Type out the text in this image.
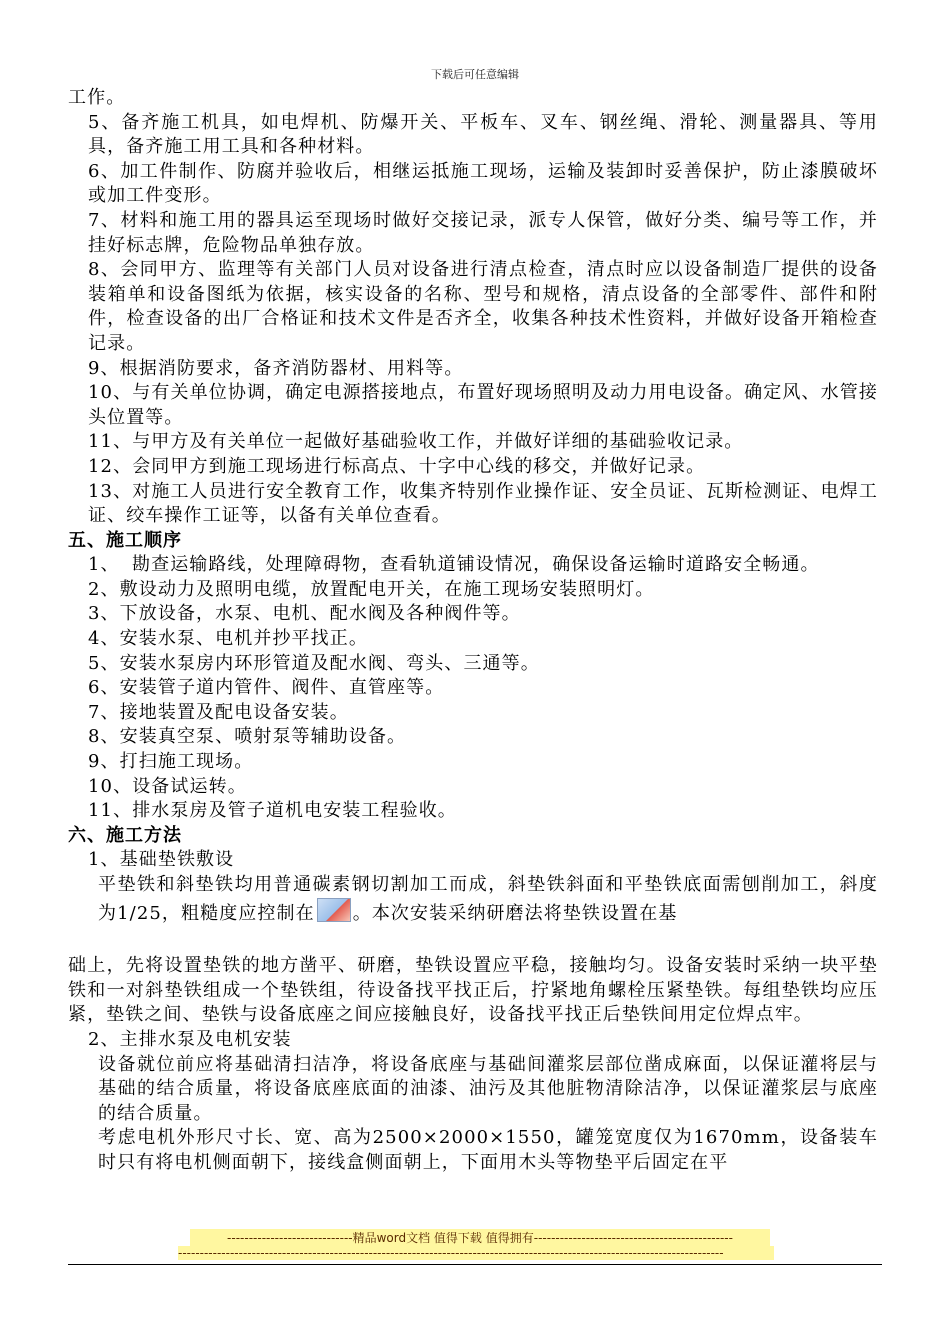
下载后可任意编辑

工作。

5、备齐施工机具，如电焊机、防爆开关、平板车、叉车、钢丝绳、滑轮、测量器具、等用具，备齐施工用工具和各种材料。

6、加工件制作、防腐并验收后，相继运抵施工现场，运输及装卸时妥善保护，防止漆膜破坏或加工件变形。

7、材料和施工用的器具运至现场时做好交接记录，派专人保管，做好分类、编号等工作，并挂好标志牌，危险物品单独存放。

8、会同甲方、监理等有关部门人员对设备进行清点检查，清点时应以设备制造厂提供的设备装箱单和设备图纸为依据，核实设备的名称、型号和规格，清点设备的全部零件、部件和附件，检查设备的出厂合格证和技术文件是否齐全，收集各种技术性资料，并做好设备开箱检查记录。

9、根据消防要求，备齐消防器材、用料等。

10、与有关单位协调，确定电源搭接地点，布置好现场照明及动力用电设备。确定风、水管接头位置等。

11、与甲方及有关单位一起做好基础验收工作，并做好详细的基础验收记录。

12、会同甲方到施工现场进行标高点、十字中心线的移交，并做好记录。

13、对施工人员进行安全教育工作，收集齐特别作业操作证、安全员证、瓦斯检测证、电焊工证、绞车操作工证等，以备有关单位查看。

五、施工顺序

1、 勘查运输路线，处理障碍物，查看轨道铺设情况，确保设备运输时道路安全畅通。

2、敷设动力及照明电缆，放置配电开关，在施工现场安装照明灯。

3、下放设备，水泵、电机、配水阀及各种阀件等。

4、安装水泵、电机并抄平找正。

5、安装水泵房内环形管道及配水阀、弯头、三通等。

6、安装管子道内管件、阀件、直管座等。

7、接地装置及配电设备安装。

8、安装真空泵、喷射泵等辅助设备。

9、打扫施工现场。

10、设备试运转。

11、排水泵房及管子道机电安装工程验收。

六、施工方法

1、基础垫铁敷设

平垫铁和斜垫铁均用普通碳素钢切割加工而成，斜垫铁斜面和平垫铁底面需刨削加工，斜度为1/25，粗糙度应控制在 。本次安装采纳研磨法将垫铁设置在基

础上，先将设置垫铁的地方凿平、研磨，垫铁设置应平稳，接触均匀。设备安装时采纳一块平垫铁和一对斜垫铁组成一个垫铁组，待设备找平找正后，拧紧地角螺栓压紧垫铁。每组垫铁均应压紧，垫铁之间、垫铁与设备底座之间应接触良好，设备找平找正后垫铁间用定位焊点牢。

2、主排水泵及电机安装

设备就位前应将基础清扫洁净，将设备底座与基础间灌浆层部位凿成麻面，以保证灌将层与基础的结合质量，将设备底座底面的油漆、油污及其他脏物清除洁净，以保证灌浆层与底座的结合质量。

考虑电机外形尺寸长、宽、高为2500×2000×1550，罐笼宽度仅为1670mm，设备装车时只有将电机侧面朝下，接线盒侧面朝上，下面用木头等物垫平后固定在平

-----------------------------精品word文档 值得下载 值得拥有----------------------------------------------
------------------------------------------------------------------------------------------------------------------------------
